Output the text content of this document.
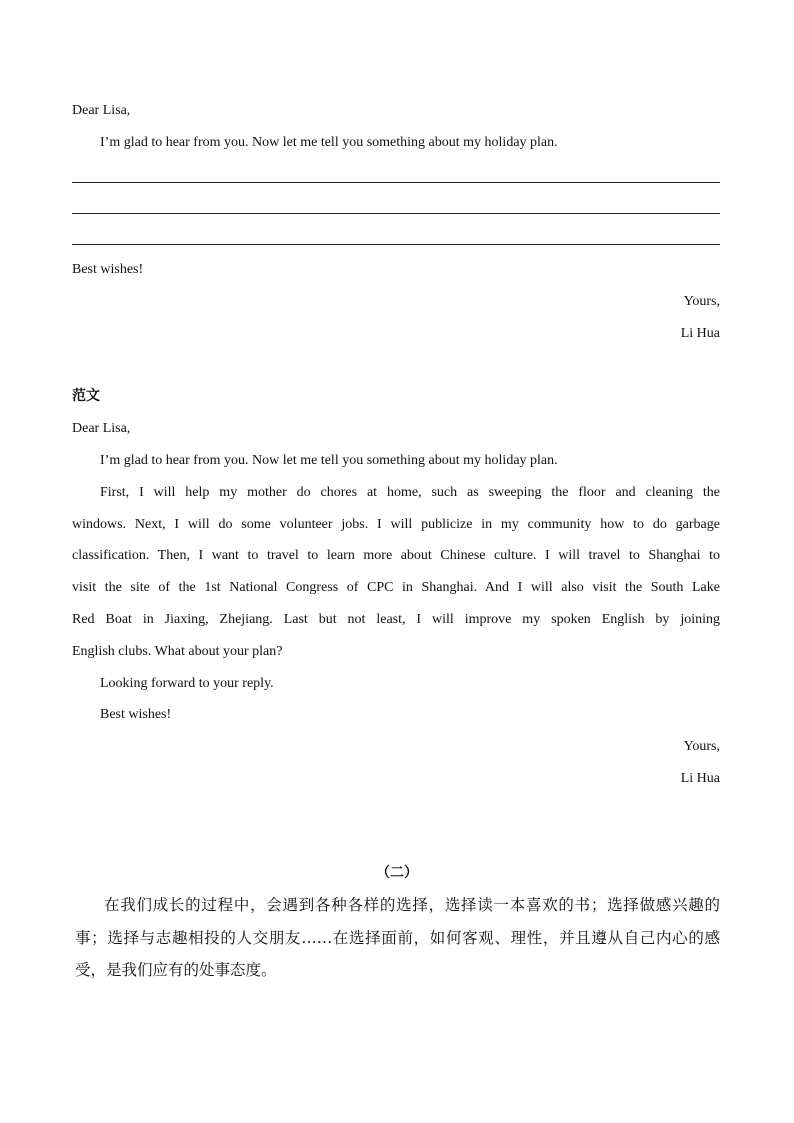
Dear Lisa,
I’m glad to hear from you. Now let me tell you something about my holiday plan.
Best wishes!
Yours,
Li Hua
范文
Dear Lisa,
I’m glad to hear from you. Now let me tell you something about my holiday plan.
First, I will help my mother do chores at home, such as sweeping the floor and cleaning the
windows. Next, I will do some volunteer jobs. I will publicize in my community how to do garbage
classification. Then, I want to travel to learn more about Chinese culture. I will travel to Shanghai to
visit the site of the 1st National Congress of CPC in Shanghai. And I will also visit the South Lake
Red Boat in Jiaxing, Zhejiang. Last but not least, I will improve my spoken English by joining
English clubs. What about your plan?
Looking forward to your reply.
Best wishes!
Yours,
Li Hua
（二）
在我们成长的过程中，会遇到各种各样的选择，选择读一本喜欢的书；选择做感兴趣的
事；选择与志趣相投的人交朋友……在选择面前，如何客观、理性，并且遵从自己内心的感
受，是我们应有的处事态度。
